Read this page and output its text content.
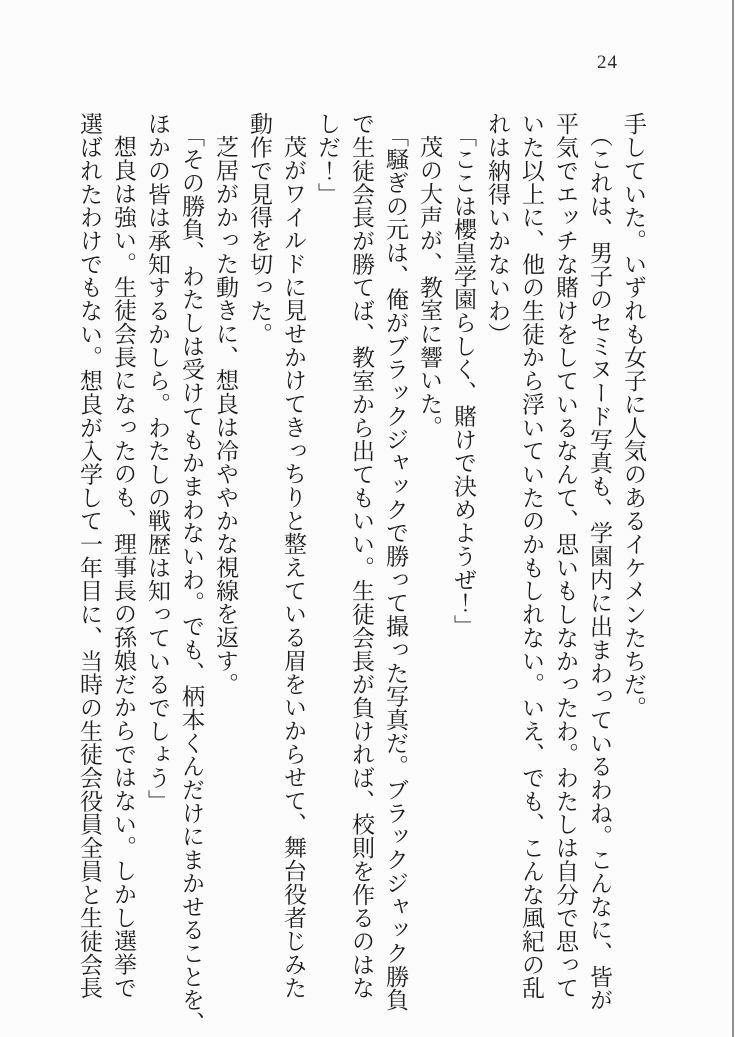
24
手していた。いずれも女子に人気のあるイケメンたちだ。
（これは、男子のセミヌード写真も、学園内に出まわっているわね。こんなに、皆が
平気でエッチな賭けをしているなんて、思いもしなかったわ。わたしは自分で思って
いた以上に、他の生徒から浮いていたのかもしれない。いえ、でも、こんな風紀の乱
れは納得いかないわ）
「ここは櫻皇学園らしく、賭けで決めようぜ！」
茂の大声が、教室に響いた。
「騒ぎの元は、俺がブラックジャックで勝って撮った写真だ。ブラックジャック勝負
で生徒会長が勝てば、教室から出てもいい。生徒会長が負ければ、校則を作るのはな
しだ！」
茂がワイルドに見せかけてきっちりと整えている眉をいからせて、舞台役者じみた
動作で見得を切った。
芝居がかった動きに、想良は冷ややかな視線を返す。
「その勝負、わたしは受けてもかまわないわ。でも、柄本くんだけにまかせることを、
ほかの皆は承知するかしら。わたしの戦歴は知っているでしょう」
想良は強い。生徒会長になったのも、理事長の孫娘だからではない。しかし選挙で
選ばれたわけでもない。想良が入学して一年目に、当時の生徒会役員全員と生徒会長
